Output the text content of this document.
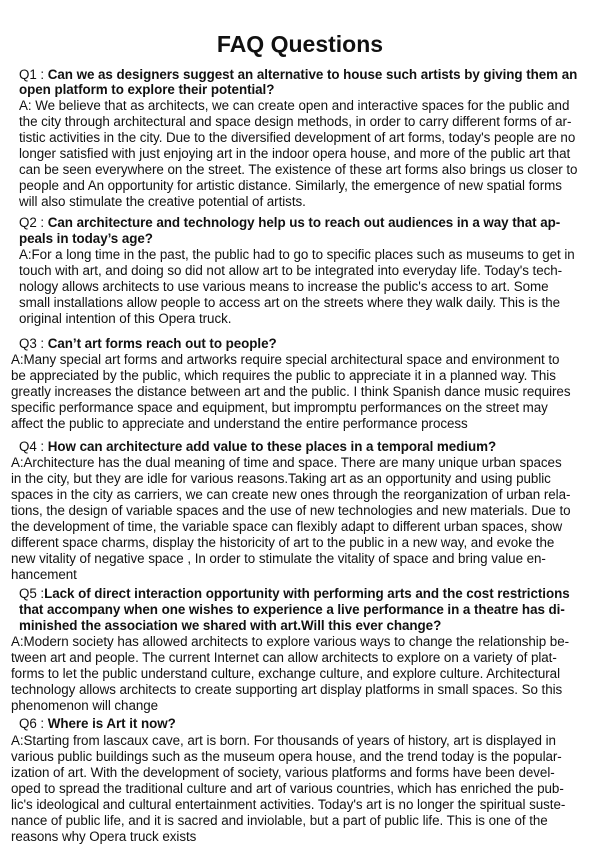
FAQ Questions
Q1 : Can we as designers suggest an alternative to house such artists by giving them an
open platform to explore their potential?
A: We believe that as architects, we can create open and interactive spaces for the public and
the city through architectural and space design methods, in order to carry different forms of ar-
tistic activities in the city. Due to the diversified development of art forms, today's people are no
longer satisfied with just enjoying art in the indoor opera house, and more of the public art that
can be seen everywhere on the street. The existence of these art forms also brings us closer to
people and An opportunity for artistic distance. Similarly, the emergence of new spatial forms
will also stimulate the creative potential of artists.
Q2 : Can architecture and technology help us to reach out audiences in a way that ap-
peals in today’s age?
A:For a long time in the past, the public had to go to specific places such as museums to get in
touch with art, and doing so did not allow art to be integrated into everyday life. Today's tech-
nology allows architects to use various means to increase the public's access to art. Some
small installations allow people to access art on the streets where they walk daily. This is the
original intention of this Opera truck.
Q3 : Can’t art forms reach out to people?
A:Many special art forms and artworks require special architectural space and environment to
be appreciated by the public, which requires the public to appreciate it in a planned way. This
greatly increases the distance between art and the public. I think Spanish dance music requires
specific performance space and equipment, but impromptu performances on the street may
affect the public to appreciate and understand the entire performance process
Q4 : How can architecture add value to these places in a temporal medium?
A:Architecture has the dual meaning of time and space. There are many unique urban spaces
in the city, but they are idle for various reasons.Taking art as an opportunity and using public
spaces in the city as carriers, we can create new ones through the reorganization of urban rela-
tions, the design of variable spaces and the use of new technologies and new materials. Due to
the development of time, the variable space can flexibly adapt to different urban spaces, show
different space charms, display the historicity of art to the public in a new way, and evoke the
new vitality of negative space , In order to stimulate the vitality of space and bring value en-
hancement
Q5 :Lack of direct interaction opportunity with performing arts and the cost restrictions
that accompany when one wishes to experience a live performance in a theatre has di-
minished the association we shared with art.Will this ever change?
A:Modern society has allowed architects to explore various ways to change the relationship be-
tween art and people. The current Internet can allow architects to explore on a variety of plat-
forms to let the public understand culture, exchange culture, and explore culture. Architectural
technology allows architects to create supporting art display platforms in small spaces. So this
phenomenon will change
Q6 : Where is Art it now?
A:Starting from lascaux cave, art is born. For thousands of years of history, art is displayed in
various public buildings such as the museum opera house, and the trend today is the popular-
ization of art. With the development of society, various platforms and forms have been devel-
oped to spread the traditional culture and art of various countries, which has enriched the pub-
lic's ideological and cultural entertainment activities. Today's art is no longer the spiritual suste-
nance of public life, and it is sacred and inviolable, but a part of public life. This is one of the
reasons why Opera truck exists
